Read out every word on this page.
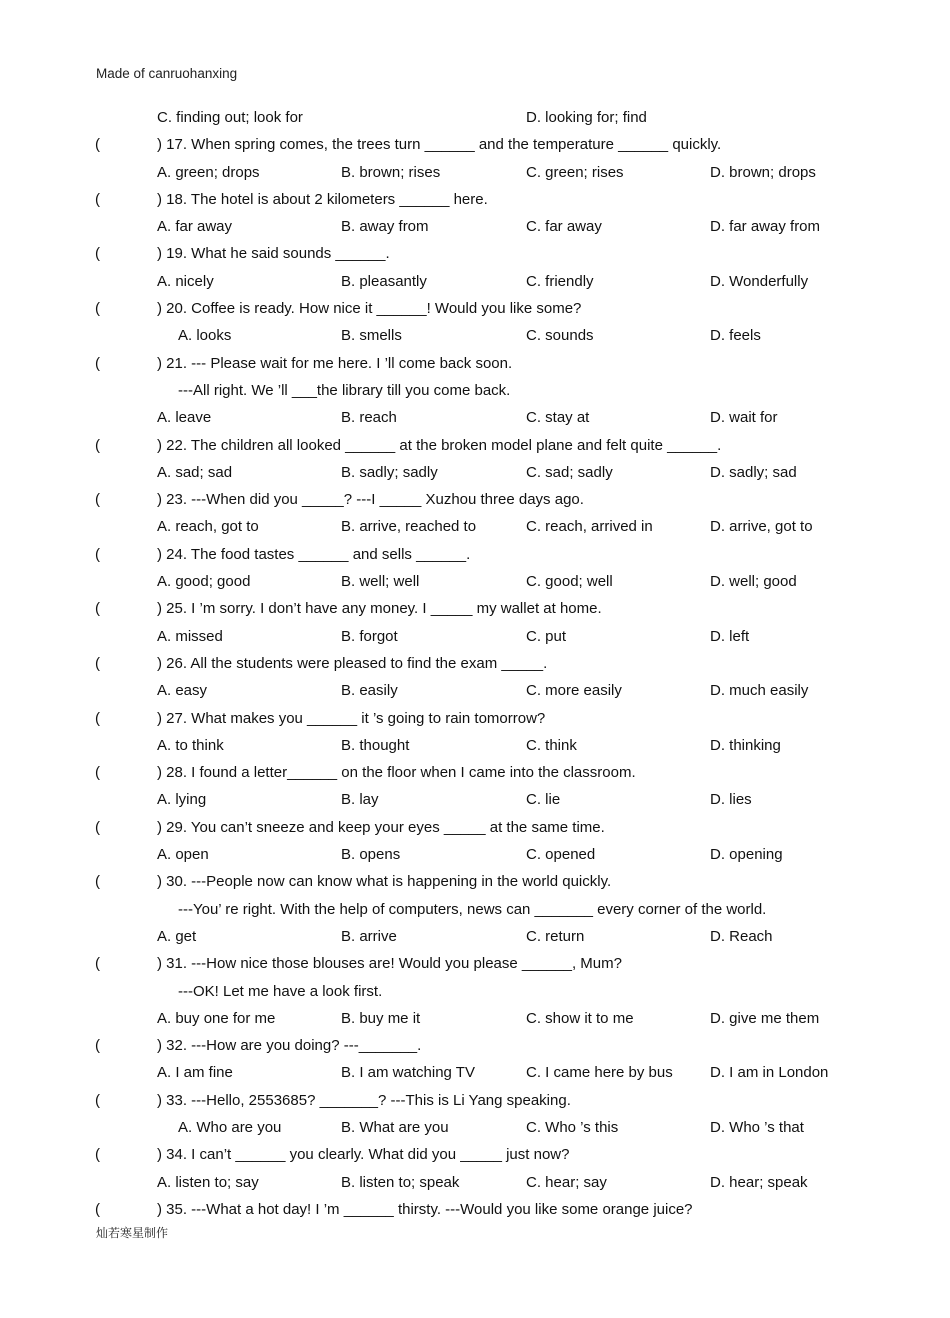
Made of canruohanxing
C. finding out; look for	D. looking for; find
(	) 17. When spring comes, the trees turn ______ and the temperature ______ quickly.
A. green; drops	B. brown; rises	C. green; rises	D. brown; drops
(	) 18. The hotel is about 2 kilometers ______ here.
A. far away	B. away from	C. far away	D. far away from
(	) 19. What he said sounds ______.
A. nicely	B. pleasantly	C. friendly	D. Wonderfully
(	) 20. Coffee is ready. How nice it ______! Would you like some?
A. looks	B. smells	C. sounds	D. feels
(	) 21. --- Please wait for me here. I ’ll come back soon.
---All right. We ’ll ___the library till you come back.
A. leave	B. reach	C. stay at	D. wait for
(	) 22. The children all looked ______ at the broken model plane and felt quite ______.
A. sad; sad	B. sadly; sadly	C. sad; sadly	D. sadly; sad
(	) 23. ---When did you _____? ---I _____ Xuzhou three days ago.
A. reach, got to	B. arrive, reached to	C. reach, arrived in	D. arrive, got to
(	) 24. The food tastes ______ and sells ______.
A. good; good	B. well; well	C. good; well	D. well; good
(	) 25. I ’m sorry. I don’t have any money. I _____ my wallet at home.
A. missed	B. forgot	C. put	D. left
(	) 26. All the students were pleased to find the exam _____.
A. easy	B. easily	C. more easily	D. much easily
(	) 27. What makes you ______ it ’s going to rain tomorrow?
A. to think	B. thought	C. think	D. thinking
(	) 28. I found a letter______ on the floor when I came into the classroom.
A. lying	B. lay	C. lie	D. lies
(	) 29. You can’t sneeze and keep your eyes _____ at the same time.
A. open	B. opens	C. opened	D. opening
(	) 30. ---People now can know what is happening in the world quickly.
---You’ re right. With the help of computers, news can _______ every corner of the world.
A. get	B. arrive	C. return	D. Reach
(	) 31. ---How nice those blouses are! Would you please ______, Mum?
---OK! Let me have a look first.
A. buy one for me	B. buy me it	C. show it to me	D. give me them
(	) 32. ---How are you doing? ---_______.
A. I am fine	B. I am watching TV	C. I came here by bus D. I am in London
(	) 33. ---Hello, 2553685? _______? ---This is Li Yang speaking.
A. Who are you	B. What are you	C. Who ’s this	D. Who ’s that
(	) 34. I can’t ______ you clearly. What did you _____ just now?
A. listen to; say	B. listen to; speak	C. hear; say	D. hear; speak
(	) 35. ---What a hot day! I ’m ______ thirsty. ---Would you like some orange juice?
灿若寒星制作
